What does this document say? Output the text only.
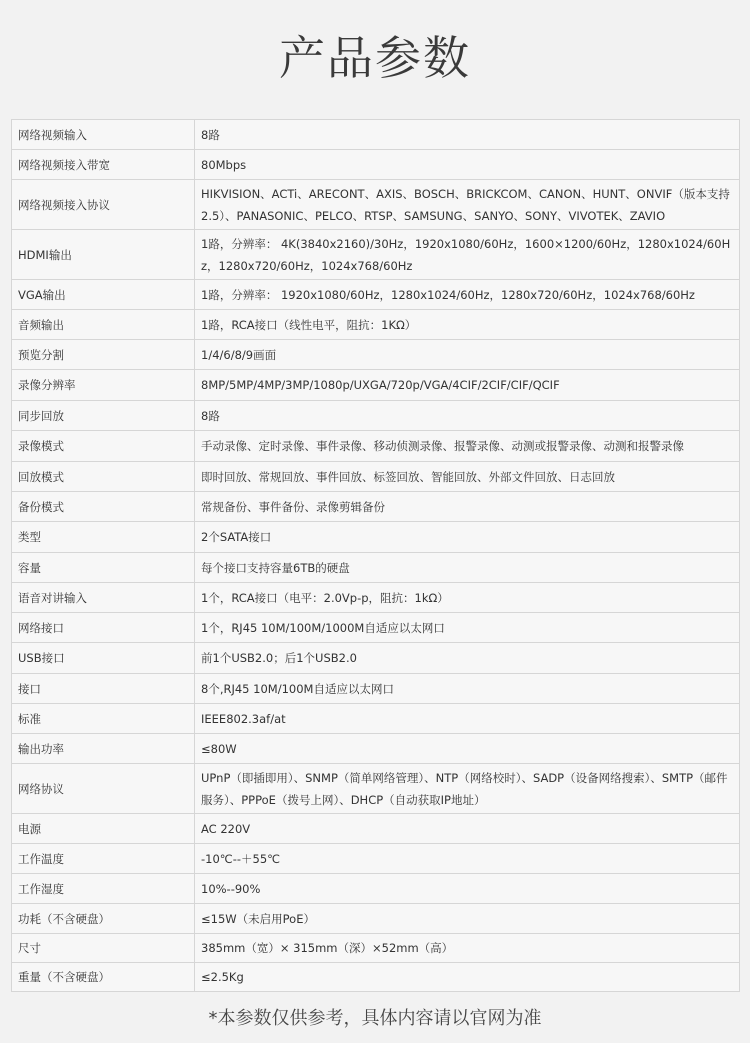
产品参数
网络视频输入	8路
网络视频接入带宽	80Mbps
网络视频接入协议	HIKVISION、ACTi、ARECONT、AXIS、BOSCH、BRICKCOM、CANON、HUNT、ONVIF（版本支持2.5）、PANASONIC、PELCO、RTSP、SAMSUNG、SANYO、SONY、VIVOTEK、ZAVIO
HDMI输出	1路，分辨率： 4K(3840x2160)/30Hz，1920x1080/60Hz，1600×1200/60Hz，1280x1024/60Hz，1280x720/60Hz，1024x768/60Hz
VGA输出	1路，分辨率： 1920x1080/60Hz，1280x1024/60Hz，1280x720/60Hz，1024x768/60Hz
音频输出	1路，RCA接口（线性电平，阻抗：1KΩ）
预览分割	1/4/6/8/9画面
录像分辨率	8MP/5MP/4MP/3MP/1080p/UXGA/720p/VGA/4CIF/2CIF/CIF/QCIF
同步回放	8路
录像模式	手动录像、定时录像、事件录像、移动侦测录像、报警录像、动测或报警录像、动测和报警录像
回放模式	即时回放、常规回放、事件回放、标签回放、智能回放、外部文件回放、日志回放
备份模式	常规备份、事件备份、录像剪辑备份
类型	2个SATA接口
容量	每个接口支持容量6TB的硬盘
语音对讲输入	1个，RCA接口（电平：2.0Vp-p，阻抗：1kΩ）
网络接口	1个，RJ45 10M/100M/1000M自适应以太网口
USB接口	前1个USB2.0；后1个USB2.0
接口	8个,RJ45 10M/100M自适应以太网口
标准	IEEE802.3af/at
输出功率	≤80W
网络协议	UPnP（即插即用）、SNMP（简单网络管理）、NTP（网络校时）、SADP（设备网络搜索）、SMTP（邮件服务）、PPPoE（拨号上网）、DHCP（自动获取IP地址）
电源	AC 220V
工作温度	-10℃--＋55℃
工作湿度	10%--90%
功耗（不含硬盘）	≤15W（未启用PoE）
尺寸	385mm（宽）× 315mm（深）×52mm（高）
重量（不含硬盘）	≤2.5Kg
*本参数仅供参考，具体内容请以官网为准
